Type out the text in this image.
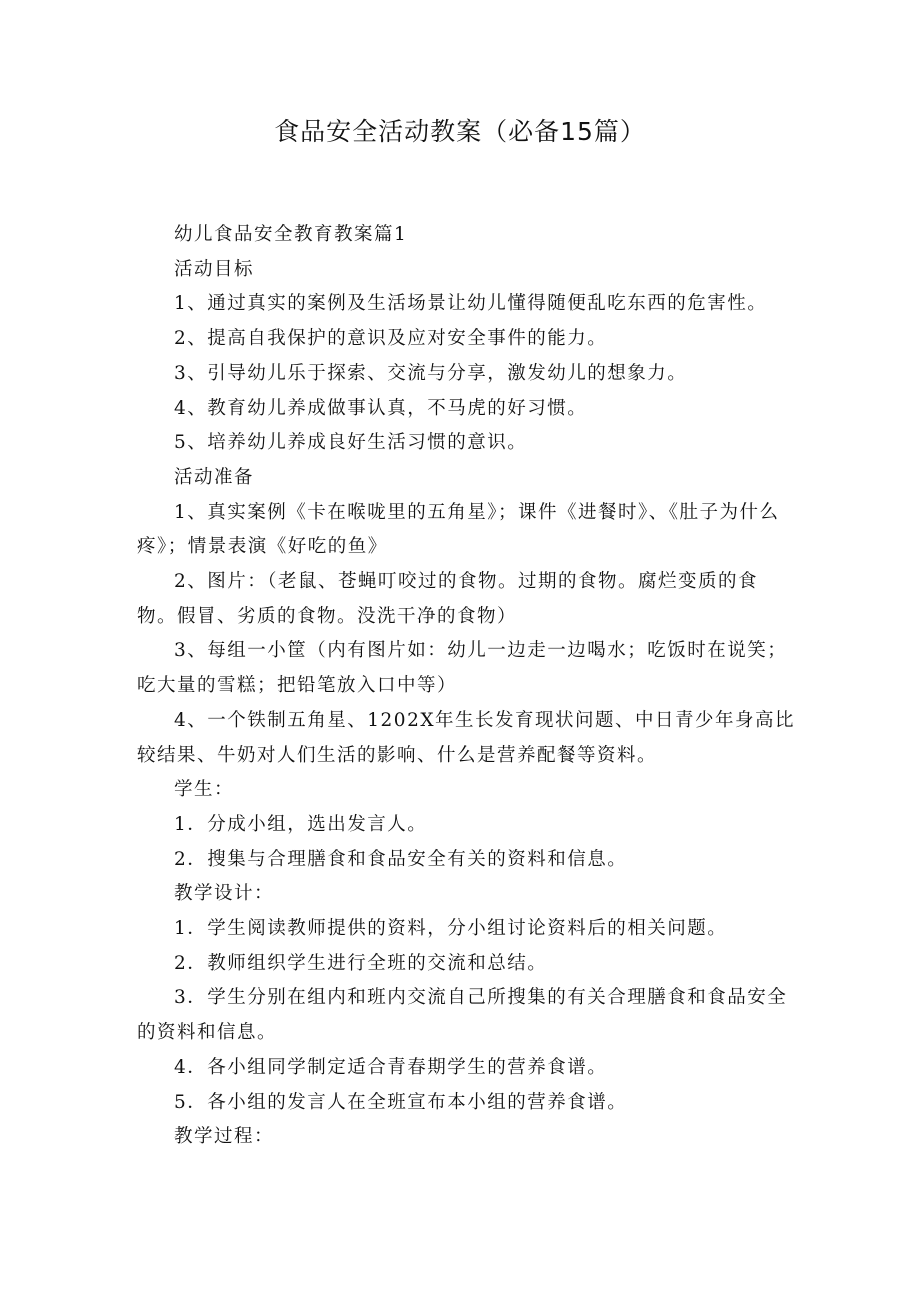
食品安全活动教案（必备15篇）

幼儿食品安全教育教案篇1

活动目标

1、通过真实的案例及生活场景让幼儿懂得随便乱吃东西的危害性。

2、提高自我保护的意识及应对安全事件的能力。

3、引导幼儿乐于探索、交流与分享，激发幼儿的想象力。

4、教育幼儿养成做事认真，不马虎的好习惯。

5、培养幼儿养成良好生活习惯的意识。

活动准备

1、真实案例《卡在喉咙里的五角星》；课件《进餐时》、《肚子为什么疼》；情景表演《好吃的鱼》

2、图片：（老鼠、苍蝇叮咬过的食物。过期的食物。腐烂变质的食物。假冒、劣质的食物。没洗干净的食物）

3、每组一小筐（内有图片如：幼儿一边走一边喝水；吃饭时在说笑；吃大量的雪糕；把铅笔放入口中等）

4、一个铁制五角星、1202X年生长发育现状问题、中日青少年身高比较结果、牛奶对人们生活的影响、什么是营养配餐等资料。

学生：

1．分成小组，选出发言人。

2．搜集与合理膳食和食品安全有关的资料和信息。

教学设计：

1．学生阅读教师提供的资料，分小组讨论资料后的相关问题。

2．教师组织学生进行全班的交流和总结。

3．学生分别在组内和班内交流自己所搜集的有关合理膳食和食品安全的资料和信息。

4．各小组同学制定适合青春期学生的营养食谱。

5．各小组的发言人在全班宣布本小组的营养食谱。

教学过程：
